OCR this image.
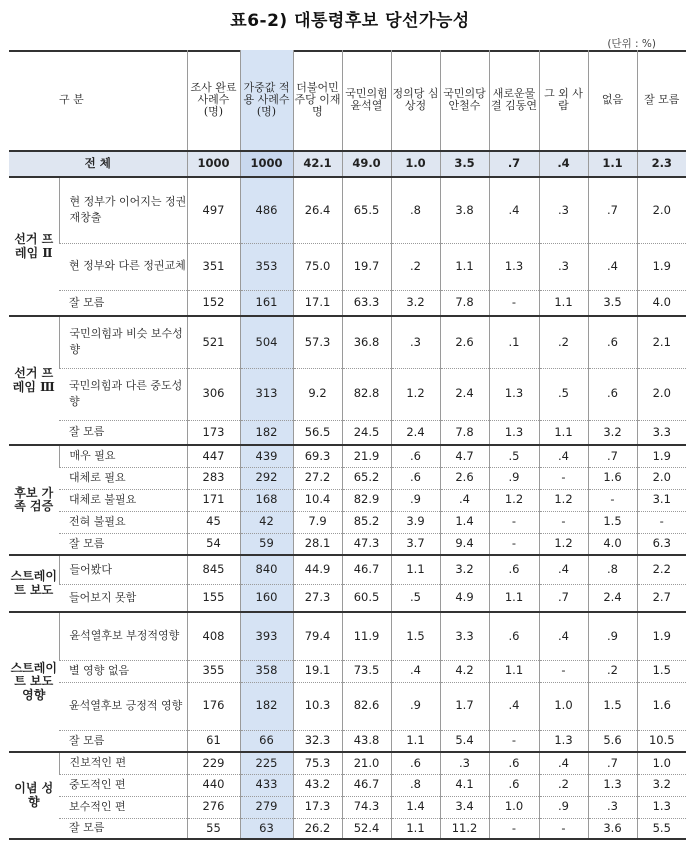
표6-2) 대통령후보 당선가능성
(단위 : %)
구 분		조사 완료 사례수 (명)	가중값 적용 사례수 (명)	더불어민주당 이재명	국민의힘 윤석열	정의당 심상정	국민의당 안철수	새로운물결 김동연	그 외 사람	없음	잘 모름
전 체		1000	1000	42.1	49.0	1.0	3.5	.7	.4	1.1	2.3
선거 프레임 Ⅱ	현 정부가 이어지는 정권재창출	497	486	26.4	65.5	.8	3.8	.4	.3	.7	2.0
	현 정부와 다른 정권교체	351	353	75.0	19.7	.2	1.1	1.3	.3	.4	1.9
	잘 모름	152	161	17.1	63.3	3.2	7.8	-	1.1	3.5	4.0
선거 프레임 Ⅲ	국민의힘과 비슷 보수성향	521	504	57.3	36.8	.3	2.6	.1	.2	.6	2.1
	국민의힘과 다른 중도성향	306	313	9.2	82.8	1.2	2.4	1.3	.5	.6	2.0
	잘 모름	173	182	56.5	24.5	2.4	7.8	1.3	1.1	3.2	3.3
후보 가족 검증	매우 필요	447	439	69.3	21.9	.6	4.7	.5	.4	.7	1.9
	대체로 필요	283	292	27.2	65.2	.6	2.6	.9	-	1.6	2.0
	대체로 불필요	171	168	10.4	82.9	.9	.4	1.2	1.2	-	3.1
	전혀 불필요	45	42	7.9	85.2	3.9	1.4	-	-	1.5	-
	잘 모름	54	59	28.1	47.3	3.7	9.4	-	1.2	4.0	6.3
스트레이트 보도	들어봤다	845	840	44.9	46.7	1.1	3.2	.6	.4	.8	2.2
	들어보지 못함	155	160	27.3	60.5	.5	4.9	1.1	.7	2.4	2.7
스트레이트 보도 영향	윤석열후보 부정적영향	408	393	79.4	11.9	1.5	3.3	.6	.4	.9	1.9
	별 영향 없음	355	358	19.1	73.5	.4	4.2	1.1	-	.2	1.5
	윤석열후보 긍정적 영향	176	182	10.3	82.6	.9	1.7	.4	1.0	1.5	1.6
	잘 모름	61	66	32.3	43.8	1.1	5.4	-	1.3	5.6	10.5
이념 성향	진보적인 편	229	225	75.3	21.0	.6	.3	.6	.4	.7	1.0
	중도적인 편	440	433	43.2	46.7	.8	4.1	.6	.2	1.3	3.2
	보수적인 편	276	279	17.3	74.3	1.4	3.4	1.0	.9	.3	1.3
	잘 모름	55	63	26.2	52.4	1.1	11.2	-	-	3.6	5.5
